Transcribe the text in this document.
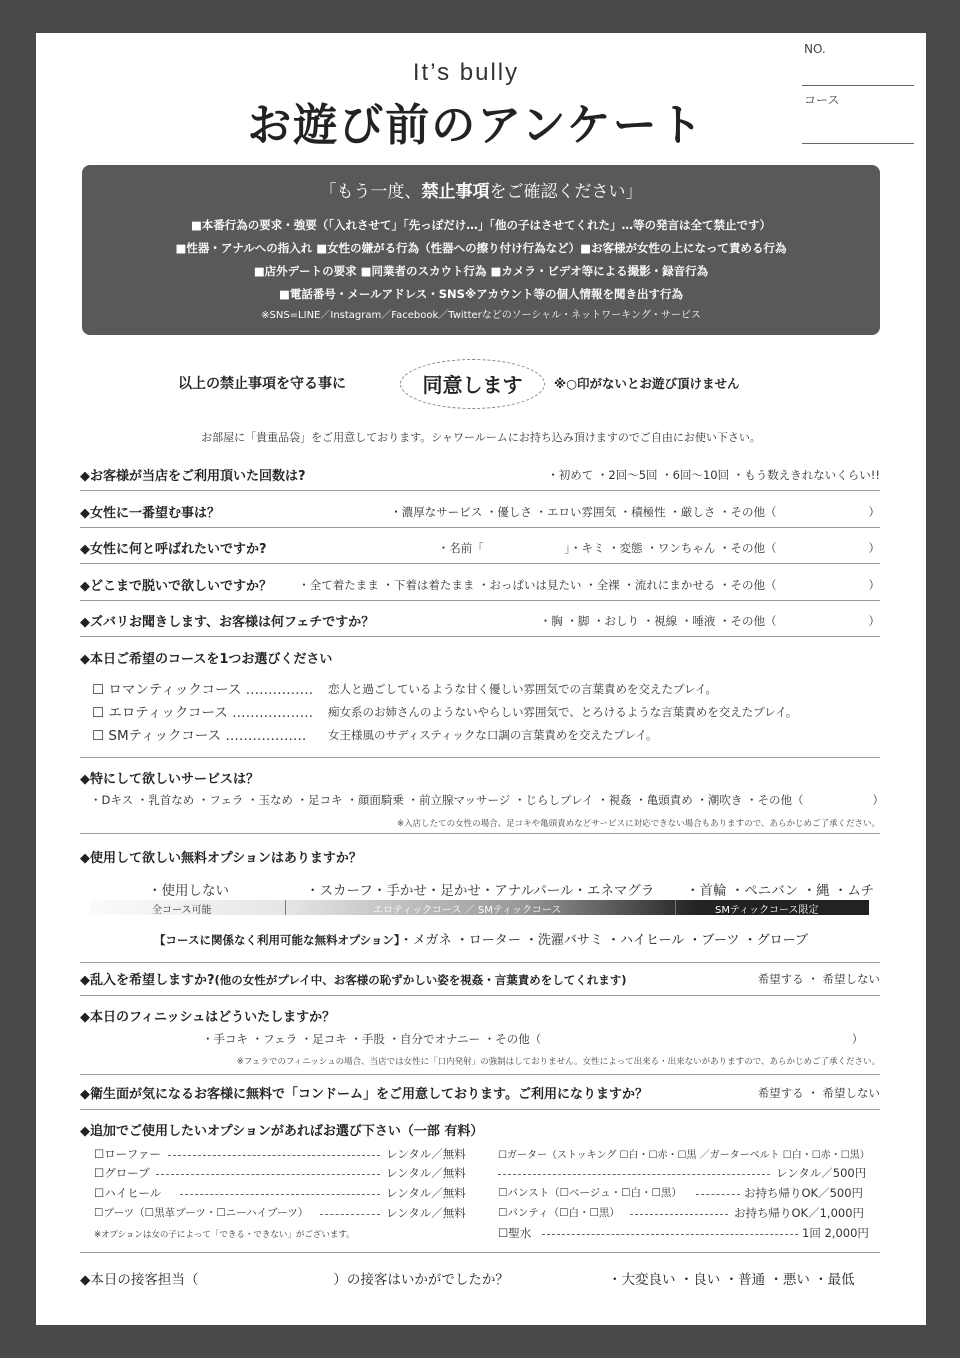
It’s bully
お遊び前のアンケート
NO.
コース
「もう一度、禁止事項をご確認ください」
■本番行為の要求・強要（「入れさせて」「先っぽだけ…」「他の子はさせてくれた」…等の発言は全て禁止です）
■性器・アナルへの指入れ ■女性の嫌がる行為（性器への擦り付け行為など）■お客様が女性の上になって責める行為
■店外デートの要求 ■同業者のスカウト行為 ■カメラ・ビデオ等による撮影・録音行為
■電話番号・メールアドレス・SNS※アカウント等の個人情報を聞き出す行為
※SNS=LINE／Instagram／Facebook／Twitterなどのソーシャル・ネットワーキング・サービス
以上の禁止事項を守る事に	同意します	※○印がないとお遊び頂けません
お部屋に「貴重品袋」をご用意しております。シャワールームにお持ち込み頂けますのでご自由にお使い下さい。
◆お客様が当店をご利用頂いた回数は?	・初めて ・2回〜5回 ・6回〜10回 ・もう数えきれないくらい!!
◆女性に一番望む事は？	・濃厚なサービス ・優しさ ・エロい雰囲気 ・積極性 ・厳しさ ・その他（　　　　　　　　）
◆女性に何と呼ばれたいですか?	・名前「　　　　　　　」・キミ ・変態 ・ワンちゃん ・その他（　　　　　　　　）
◆どこまで脱いで欲しいですか？ ・全て着たまま ・下着は着たまま ・おっぱいは見たい ・全裸 ・流れにまかせる ・その他（　　　　　　　　）
◆ズバリお聞きします、お客様は何フェチですか？	・胸 ・脚 ・おしり ・視線 ・唾液 ・その他（　　　　　　　　）
◆本日ご希望のコースを1つお選びください
☐ ロマンティックコース …………… 恋人と過ごしているような甘く優しい雰囲気での言葉責めを交えたプレイ。
☐ エロティックコース ……………… 痴女系のお姉さんのようないやらしい雰囲気で、とろけるような言葉責めを交えたプレイ。
☐ SMティックコース ……………… 女王様風のサディスティックな口調の言葉責めを交えたプレイ。
◆特にして欲しいサービスは？
・Dキス ・乳首なめ ・フェラ ・玉なめ ・足コキ ・顔面騎乗 ・前立腺マッサージ ・じらしプレイ ・視姦 ・亀頭責め ・潮吹き ・その他（　　　　　　）
※入店したての女性の場合、足コキや亀頭責めなどサービスに対応できない場合もありますので、あらかじめご了承ください。
◆使用して欲しい無料オプションはありますか？
・使用しない	・スカーフ・手かせ・足かせ・アナルパール・エネマグラ ・首輪 ・ペニバン ・縄 ・ムチ
全コース可能	エロティックコース ／ SMティックコース	SMティックコース限定
【コースに関係なく利用可能な無料オプション】・メガネ ・ローター ・洗濯バサミ ・ハイヒール ・ブーツ ・グローブ
◆乱入を希望しますか?(他の女性がプレイ中、お客様の恥ずかしい姿を視姦・言葉責めをしてくれます)	希望する ・ 希望しない
◆本日のフィニッシュはどういたしますか？
・手コキ ・フェラ ・足コキ ・手股 ・自分でオナニー ・その他（　　　　　　　　　　　　　　　　　　　　　　　　　　　）
※フェラでのフィニッシュの場合、当店では女性に「口内発射」の強制はしておりません。女性によって出来る・出来ないがありますので、あらかじめご了承ください。
◆衛生面が気になるお客様に無料で「コンドーム」をご用意しております。ご利用になりますか？	希望する ・ 希望しない
◆追加でご使用したいオプションがあればお選び下さい（一部 有料）
☐ローファー	レンタル／無料
☐グローブ	レンタル／無料
☐ハイヒール	レンタル／無料
☐ブーツ（☐黒革ブーツ・☐ニーハイブーツ）	レンタル／無料
※オプションは女の子によって「できる・できない」がございます。
☐ガーター（ストッキング ☐白・☐赤・☐黒 ／ガーターベルト ☐白・☐赤・☐黒）
レンタル／500円
☐パンスト（☐ベージュ・☐白・☐黒）	お持ち帰りOK／500円
☐パンティ（☐白・☐黒）	お持ち帰りOK／1,000円
☐聖水	1回 2,000円
◆本日の接客担当（　　　　　　　　　　）の接客はいかがでしたか？	・大変良い ・良い ・普通 ・悪い ・最低
